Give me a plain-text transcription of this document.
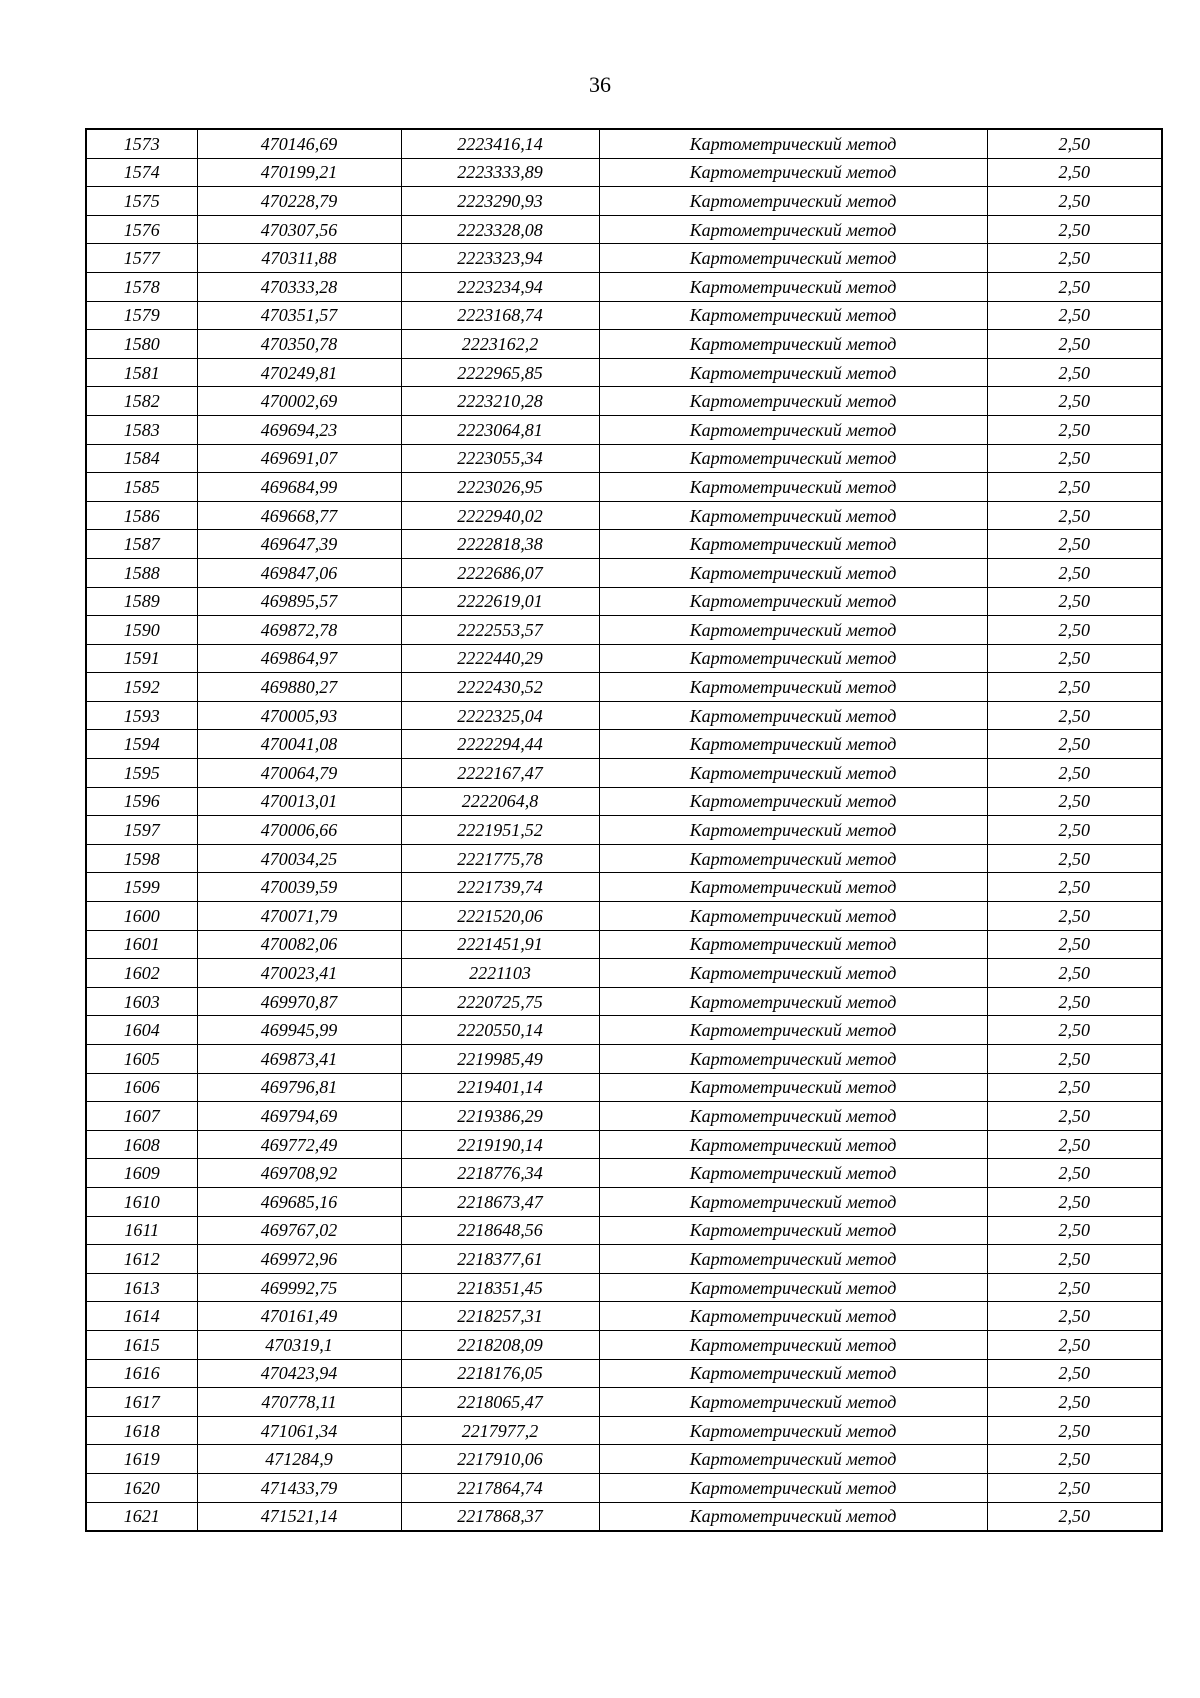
36
1573	470146,69	2223416,14	Картометрический метод	2,50
1574	470199,21	2223333,89	Картометрический метод	2,50
1575	470228,79	2223290,93	Картометрический метод	2,50
1576	470307,56	2223328,08	Картометрический метод	2,50
1577	470311,88	2223323,94	Картометрический метод	2,50
1578	470333,28	2223234,94	Картометрический метод	2,50
1579	470351,57	2223168,74	Картометрический метод	2,50
1580	470350,78	2223162,2	Картометрический метод	2,50
1581	470249,81	2222965,85	Картометрический метод	2,50
1582	470002,69	2223210,28	Картометрический метод	2,50
1583	469694,23	2223064,81	Картометрический метод	2,50
1584	469691,07	2223055,34	Картометрический метод	2,50
1585	469684,99	2223026,95	Картометрический метод	2,50
1586	469668,77	2222940,02	Картометрический метод	2,50
1587	469647,39	2222818,38	Картометрический метод	2,50
1588	469847,06	2222686,07	Картометрический метод	2,50
1589	469895,57	2222619,01	Картометрический метод	2,50
1590	469872,78	2222553,57	Картометрический метод	2,50
1591	469864,97	2222440,29	Картометрический метод	2,50
1592	469880,27	2222430,52	Картометрический метод	2,50
1593	470005,93	2222325,04	Картометрический метод	2,50
1594	470041,08	2222294,44	Картометрический метод	2,50
1595	470064,79	2222167,47	Картометрический метод	2,50
1596	470013,01	2222064,8	Картометрический метод	2,50
1597	470006,66	2221951,52	Картометрический метод	2,50
1598	470034,25	2221775,78	Картометрический метод	2,50
1599	470039,59	2221739,74	Картометрический метод	2,50
1600	470071,79	2221520,06	Картометрический метод	2,50
1601	470082,06	2221451,91	Картометрический метод	2,50
1602	470023,41	2221103	Картометрический метод	2,50
1603	469970,87	2220725,75	Картометрический метод	2,50
1604	469945,99	2220550,14	Картометрический метод	2,50
1605	469873,41	2219985,49	Картометрический метод	2,50
1606	469796,81	2219401,14	Картометрический метод	2,50
1607	469794,69	2219386,29	Картометрический метод	2,50
1608	469772,49	2219190,14	Картометрический метод	2,50
1609	469708,92	2218776,34	Картометрический метод	2,50
1610	469685,16	2218673,47	Картометрический метод	2,50
1611	469767,02	2218648,56	Картометрический метод	2,50
1612	469972,96	2218377,61	Картометрический метод	2,50
1613	469992,75	2218351,45	Картометрический метод	2,50
1614	470161,49	2218257,31	Картометрический метод	2,50
1615	470319,1	2218208,09	Картометрический метод	2,50
1616	470423,94	2218176,05	Картометрический метод	2,50
1617	470778,11	2218065,47	Картометрический метод	2,50
1618	471061,34	2217977,2	Картометрический метод	2,50
1619	471284,9	2217910,06	Картометрический метод	2,50
1620	471433,79	2217864,74	Картометрический метод	2,50
1621	471521,14	2217868,37	Картометрический метод	2,50
